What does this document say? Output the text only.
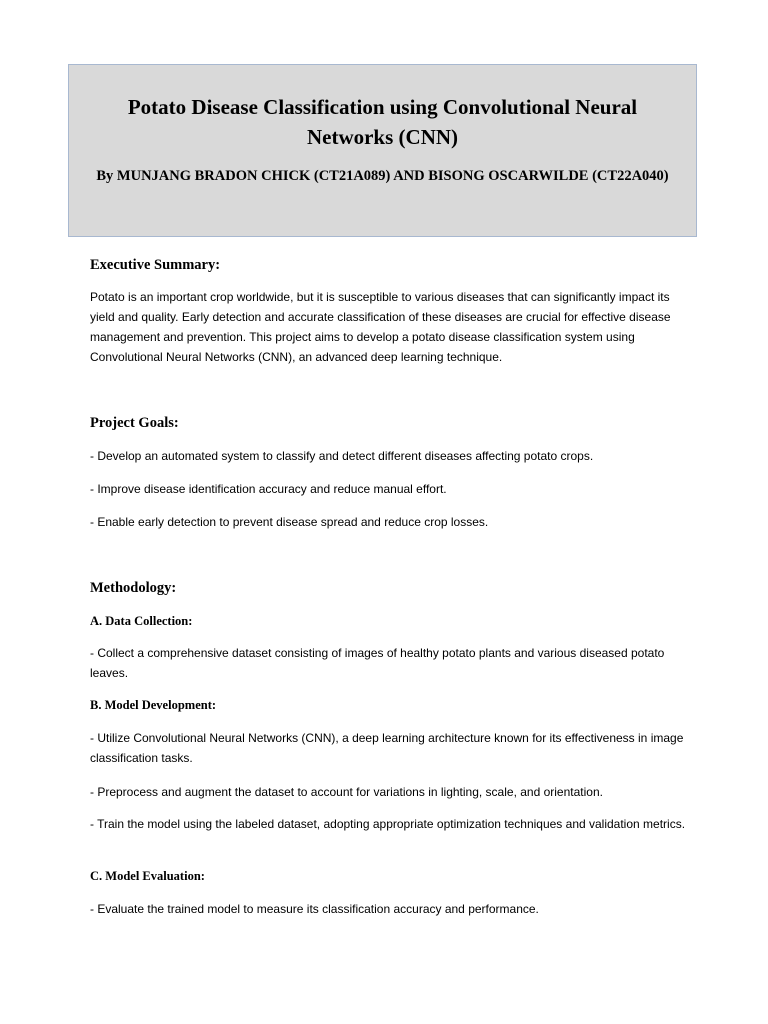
Potato Disease Classification using Convolutional Neural Networks (CNN)

By MUNJANG BRADON CHICK (CT21A089) AND BISONG OSCARWILDE (CT22A040)

Executive Summary:

Potato is an important crop worldwide, but it is susceptible to various diseases that can significantly impact its yield and quality. Early detection and accurate classification of these diseases are crucial for effective disease management and prevention. This project aims to develop a potato disease classification system using Convolutional Neural Networks (CNN), an advanced deep learning technique.

Project Goals:

- Develop an automated system to classify and detect different diseases affecting potato crops.

- Improve disease identification accuracy and reduce manual effort.

- Enable early detection to prevent disease spread and reduce crop losses.

Methodology:
A. Data Collection:

- Collect a comprehensive dataset consisting of images of healthy potato plants and various diseased potato leaves.

B. Model Development:

- Utilize Convolutional Neural Networks (CNN), a deep learning architecture known for its effectiveness in image classification tasks.

- Preprocess and augment the dataset to account for variations in lighting, scale, and orientation.

- Train the model using the labeled dataset, adopting appropriate optimization techniques and validation metrics.

C. Model Evaluation:

- Evaluate the trained model to measure its classification accuracy and performance.
